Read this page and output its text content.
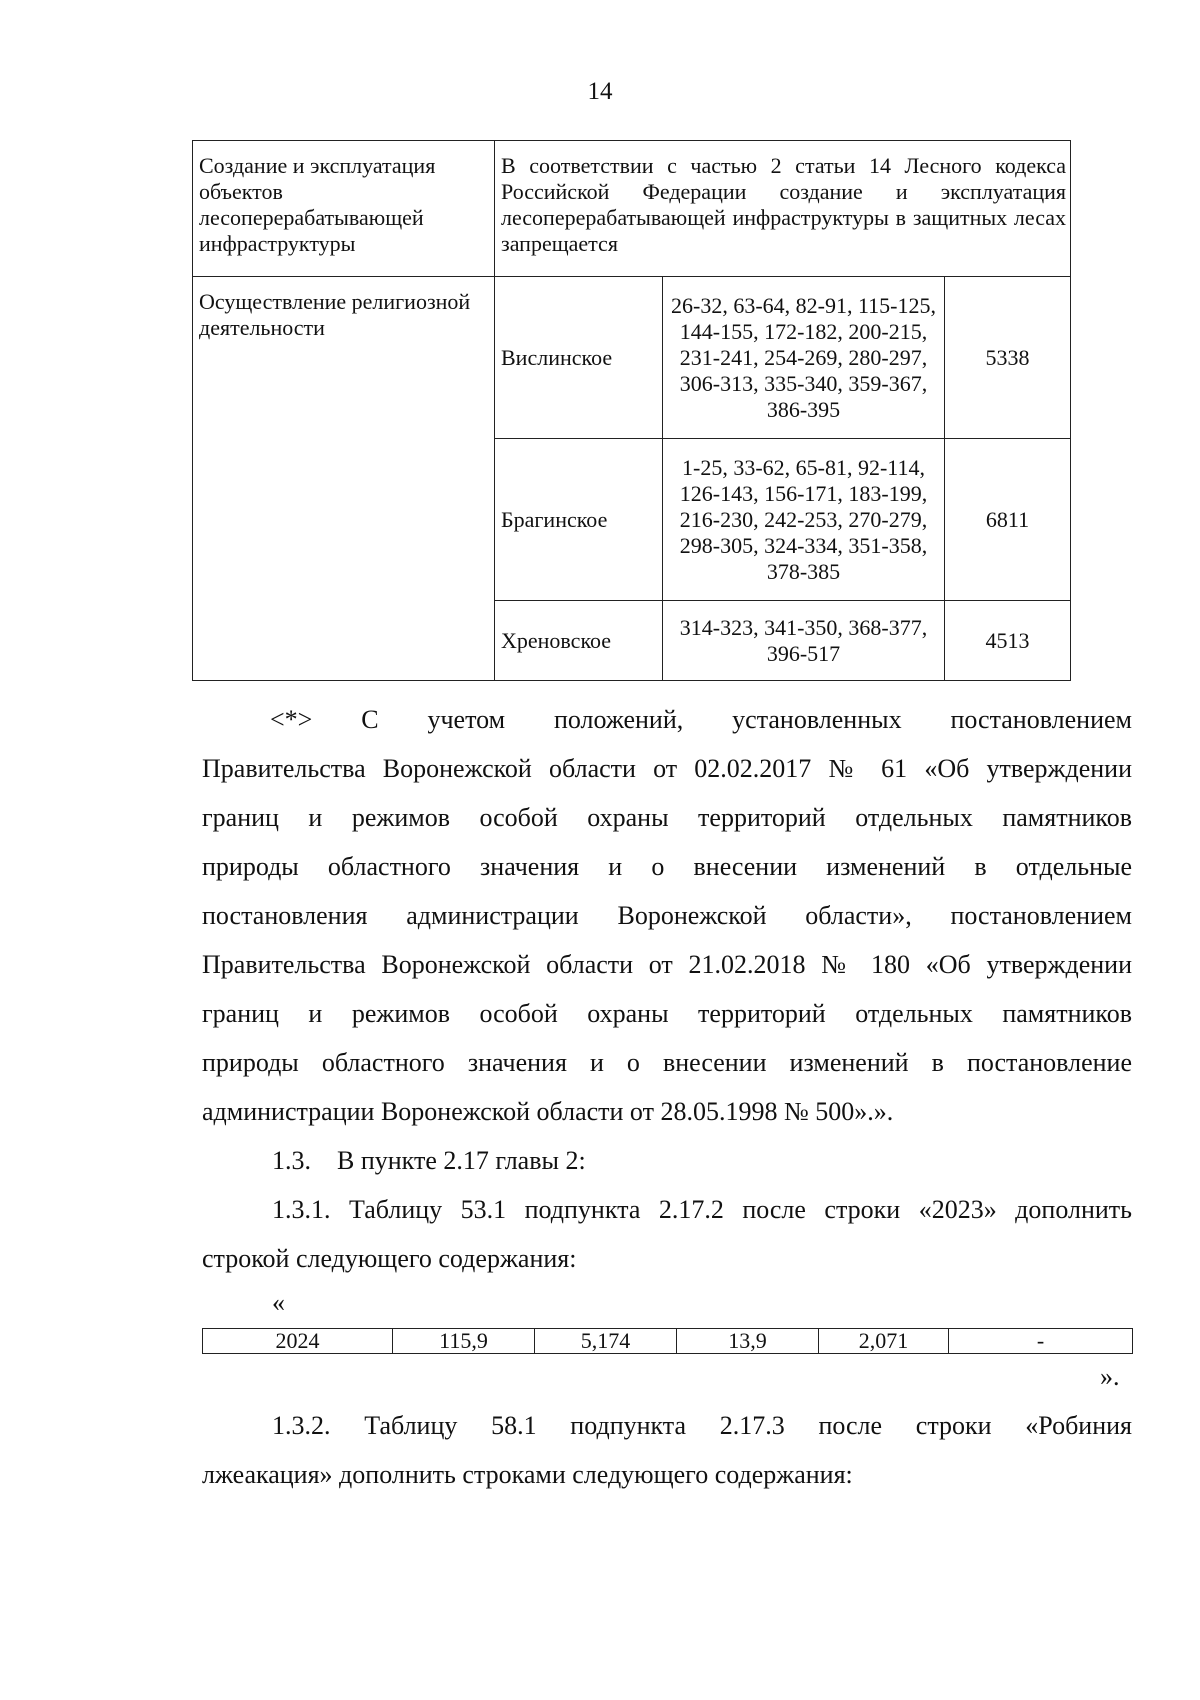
14
Создание и эксплуатация объектов лесоперерабатывающей инфраструктуры	В соответствии с частью 2 статьи 14 Лесного кодекса Российской Федерации создание и эксплуатация лесоперерабатывающей инфраструктуры в защитных лесах запрещается		
Осуществление религиозной деятельности	Вислинское	26-32, 63-64, 82-91, 115-125, 144-155, 172-182, 200-215, 231-241, 254-269, 280-297, 306-313, 335-340, 359-367, 386-395	5338
	Брагинское	1-25, 33-62, 65-81, 92-114, 126-143, 156-171, 183-199, 216-230, 242-253, 270-279, 298-305, 324-334, 351-358, 378-385	6811
	Хреновское	314-323, 341-350, 368-377, 396-517	4513
<*> С учетом положений, установленных постановлением
Правительства Воронежской области от 02.02.2017 № 61 «Об утверждении
границ и режимов особой охраны территорий отдельных памятников
природы областного значения и о внесении изменений в отдельные
постановления администрации Воронежской области», постановлением
Правительства Воронежской области от 21.02.2018 № 180 «Об утверждении
границ и режимов особой охраны территорий отдельных памятников
природы областного значения и о внесении изменений в постановление
администрации Воронежской области от 28.05.1998 № 500».».
1.3.    В пункте 2.17 главы 2:
1.3.1. Таблицу 53.1 подпункта 2.17.2 после строки «2023» дополнить
строкой следующего содержания:
«
2024	115,9	5,174	13,9	2,071	-
».
1.3.2. Таблицу 58.1 подпункта 2.17.3 после строки «Робиния
лжеакация» дополнить строками следующего содержания:
